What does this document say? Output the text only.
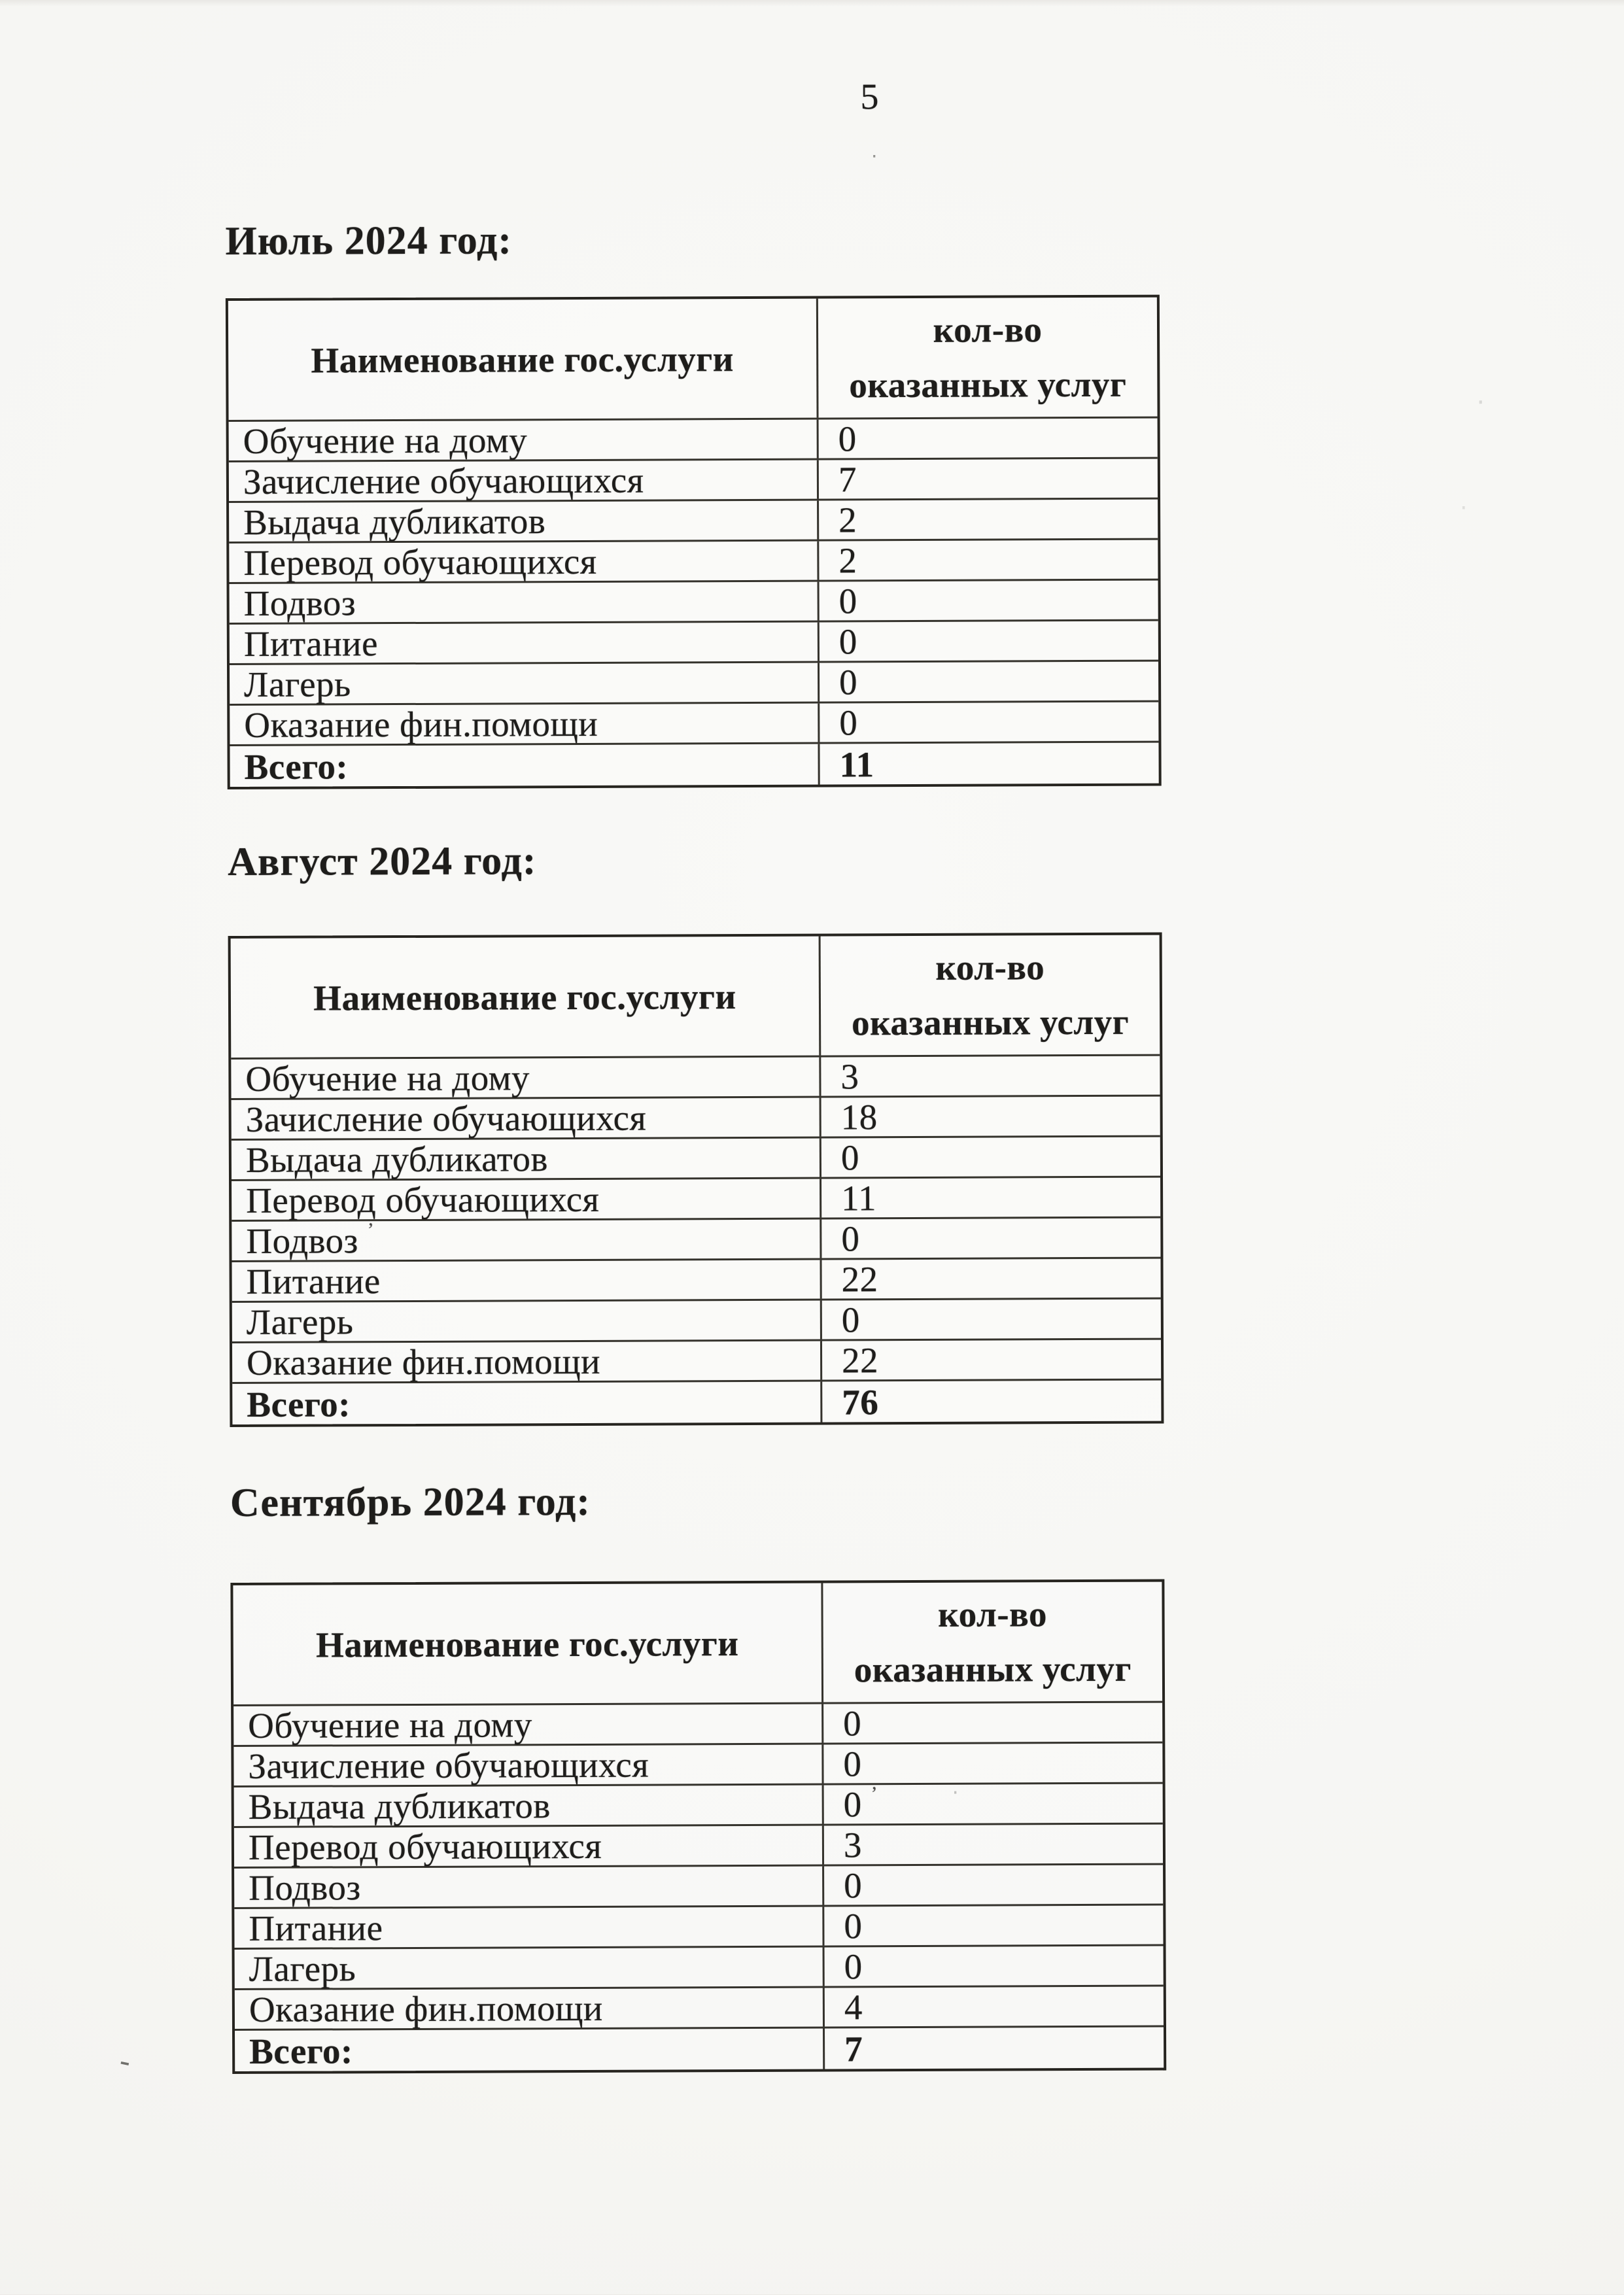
5
Июль 2024 год:
Наименование гос.услуги
кол-во
оказанных услуг
Обучение на дому	0
Зачисление обучающихся	7
Выдача дубликатов	2
Перевод обучающихся	2
Подвоз	0
Питание	0
Лагерь	0
Оказание фин.помощи	0
Всего:	11
Август 2024 год:
Наименование гос.услуги
кол-во
оказанных услуг
Обучение на дому	3
Зачисление обучающихся	18
Выдача дубликатов	0
Перевод обучающихся	11
Подвоз ʼ	0
Питание	22
Лагерь	0
Оказание фин.помощи	22
Всего:	76
Сентябрь 2024 год:
Наименование гос.услуги
кол-во
оказанных услуг
Обучение на дому	0
Зачисление обучающихся	0
Выдача дубликатов	0 ʼ
Перевод обучающихся	3
Подвоз	0
Питание	0
Лагерь	0
Оказание фин.помощи	4
Всего:	7
·
-
·
·
·
